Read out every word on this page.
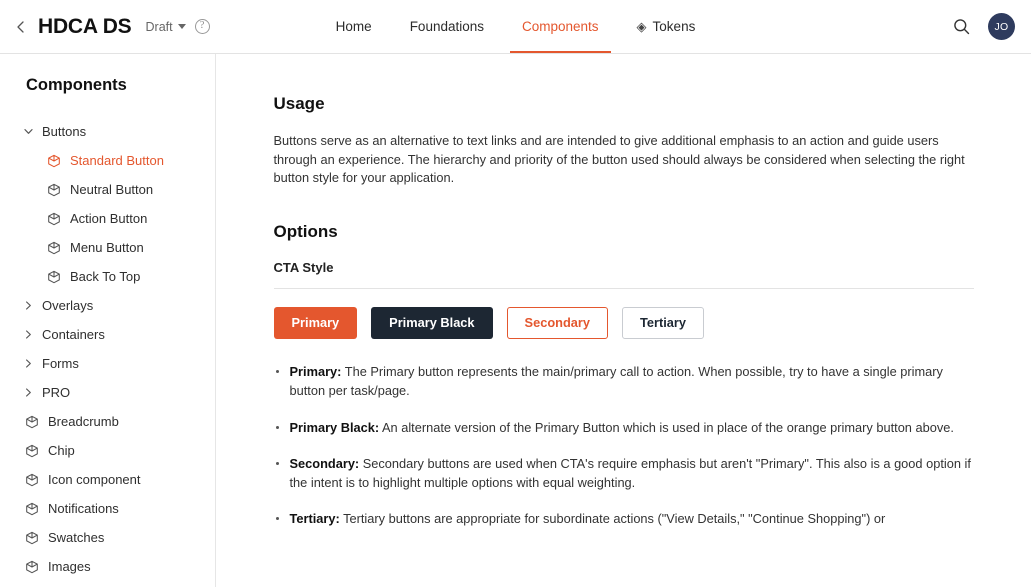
HDCA DS Draft	?	Home	Foundations	Components	◈ Tokens	JO
Components
Buttons
Standard Button
Neutral Button
Action Button
Menu Button
Back To Top
Overlays
Containers
Forms
PRO
Breadcrumb
Chip
Icon component
Notifications
Swatches
Images
Usage

Buttons serve as an alternative to text links and are intended to give additional emphasis to an action and guide users through an experience. The hierarchy and priority of the button used should always be considered when selecting the right button style for your application.

Options
CTA Style
Primary	Primary Black	Secondary	Tertiary
Primary: The Primary button represents the main/primary call to action. When possible, try to have a single primary button per task/page.
Primary Black: An alternate version of the Primary Button which is used in place of the orange primary button above.
Secondary: Secondary buttons are used when CTA's require emphasis but aren't "Primary". This also is a good option if the intent is to highlight multiple options with equal weighting.
Tertiary: Tertiary buttons are appropriate for subordinate actions ("View Details," "Continue Shopping") or
